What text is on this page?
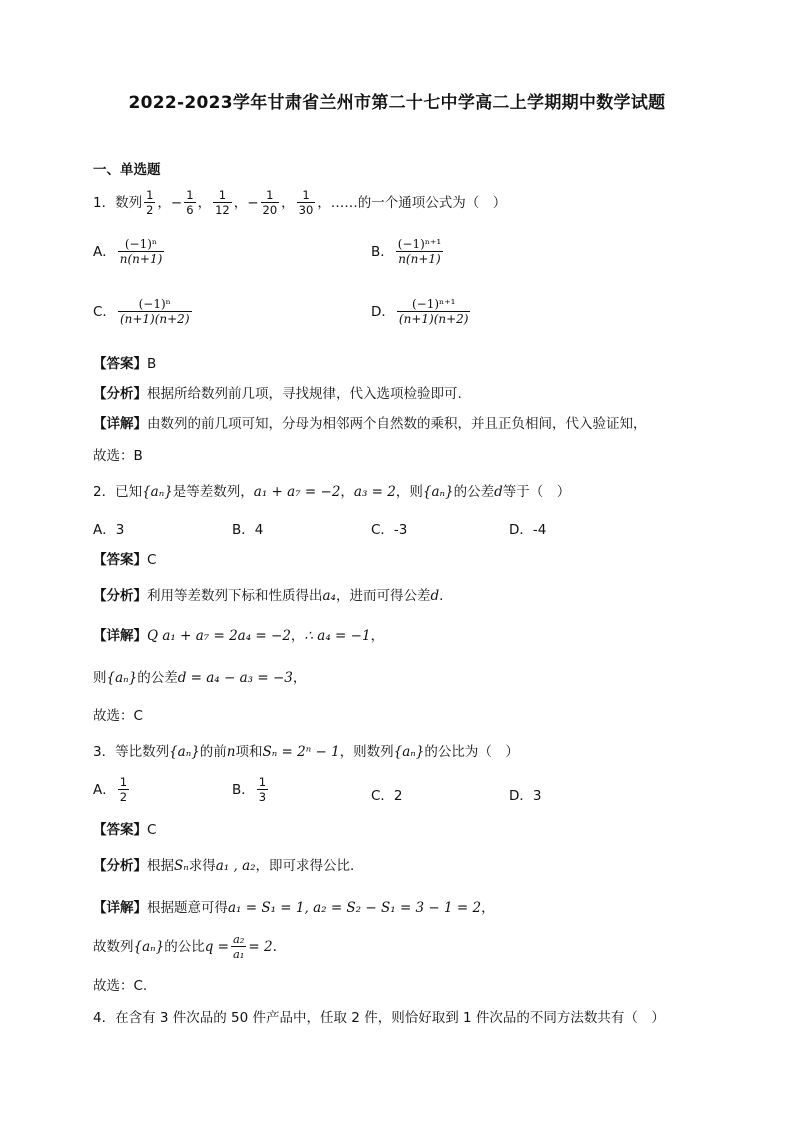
2022-2023学年甘肃省兰州市第二十七中学高二上学期期中数学试题
一、单选题
1．数列 $\frac{1}{2}$ ，− $\frac{1}{6}$ ， $\frac{1}{12}$ ，− $\frac{1}{20}$ ， $\frac{1}{30}$ ，……的一个通项公式为（　）
A． $\frac{\text{(−1)ⁿ}}{n(n+1)}$	B． $\frac{\text{(−1)ⁿ⁺¹}}{n(n+1)}$
C． $\frac{\text{(−1)ⁿ}}{(n+1)(n+2)}$	D． $\frac{\text{(−1)ⁿ⁺¹}}{(n+1)(n+2)}$
【答案】B
【分析】根据所给数列前几项，寻找规律，代入选项检验即可.
【详解】由数列的前几项可知，分母为相邻两个自然数的乘积，并且正负相间，代入验证知，
故选：B
2．已知{aₙ}是等差数列，a₁ + a₇ = −2，a₃ = 2，则{aₙ}的公差d等于（　）
A．3	B．4	C．-3	D．-4
【答案】C
【分析】利用等差数列下标和性质得出a₄，进而可得公差d.
【详解】Q a₁ + a₇ = 2a₄ = −2，∴ a₄ = −1，
则{aₙ}的公差d = a₄ − a₃ = −3，
故选：C
3．等比数列{aₙ}的前n项和Sₙ = 2ⁿ − 1，则数列{aₙ}的公比为（　）
A． $\frac{1}{2}$	B． $\frac{1}{3}$	C．2	D．3
【答案】C
【分析】根据Sₙ求得a₁ , a₂，即可求得公比.
【详解】根据题意可得a₁ = S₁ = 1, a₂ = S₂ − S₁ = 3 − 1 = 2，
故数列{aₙ}的公比$q = \frac{\text{a₂}}{\text{a₁}} = 2$.
故选：C.
4．在含有 3 件次品的 50 件产品中，任取 2 件，则恰好取到 1 件次品的不同方法数共有（　）
